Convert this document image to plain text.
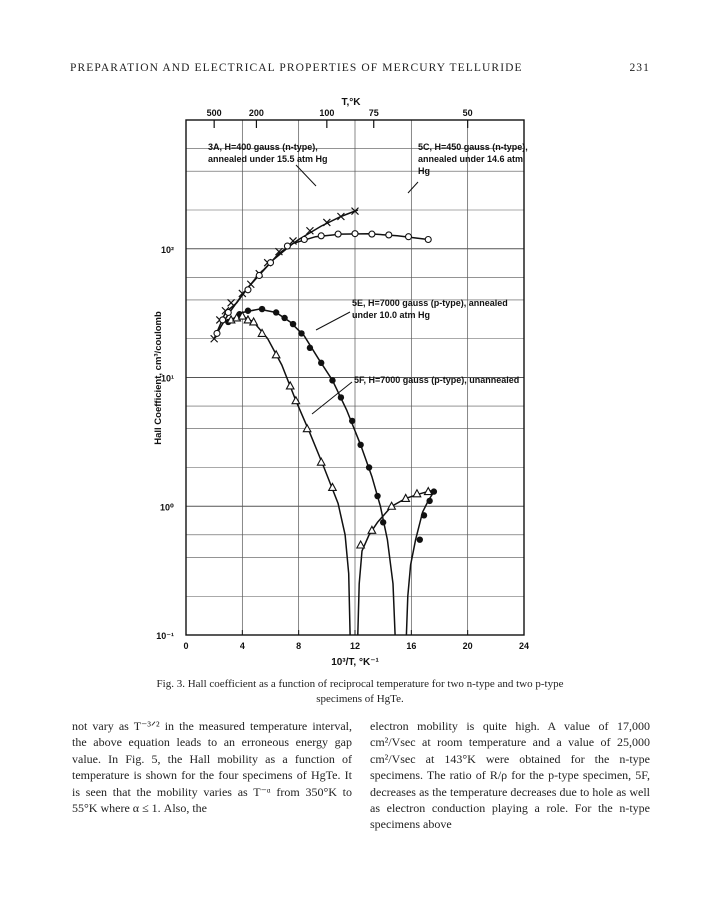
PREPARATION AND ELECTRICAL PROPERTIES OF MERCURY TELLURIDE	231
0	4	8	12	16	20	24
10³/T, °K⁻¹
T,°K
500	200	100	75	50
10⁻¹
10⁰
10¹
10²
Hall Coefficient, cm³/coulomb
3A, H=400 gauss (n-type),
annealed under 15.5 atm Hg
5C, H=450 gauss (n-type),
annealed under 14.6 atm
Hg
5E, H=7000 gauss (p-type), annealed
under 10.0 atm Hg
5F, H=7000 gauss (p-type), unannealed
Fig. 3. Hall coefficient as a function of reciprocal temperature for two n-type and two p-type specimens of HgTe.

not vary as T⁻³ᐟ² in the measured temperature interval, the above equation leads to an erroneous energy gap value. In Fig. 5, the Hall mobility as a function of temperature is shown for the four specimens of HgTe. It is seen that the mobility varies as T⁻ᵅ from 350°K to 55°K where α ≤ 1. Also, the

electron mobility is quite high. A value of 17,000 cm²/Vsec at room temperature and a value of 25,000 cm²/Vsec at 143°K were obtained for the n-type specimens. The ratio of R/ρ for the p-type specimen, 5F, decreases as the temperature decreases due to hole as well as electron conduction playing a role. For the n-type specimens above
